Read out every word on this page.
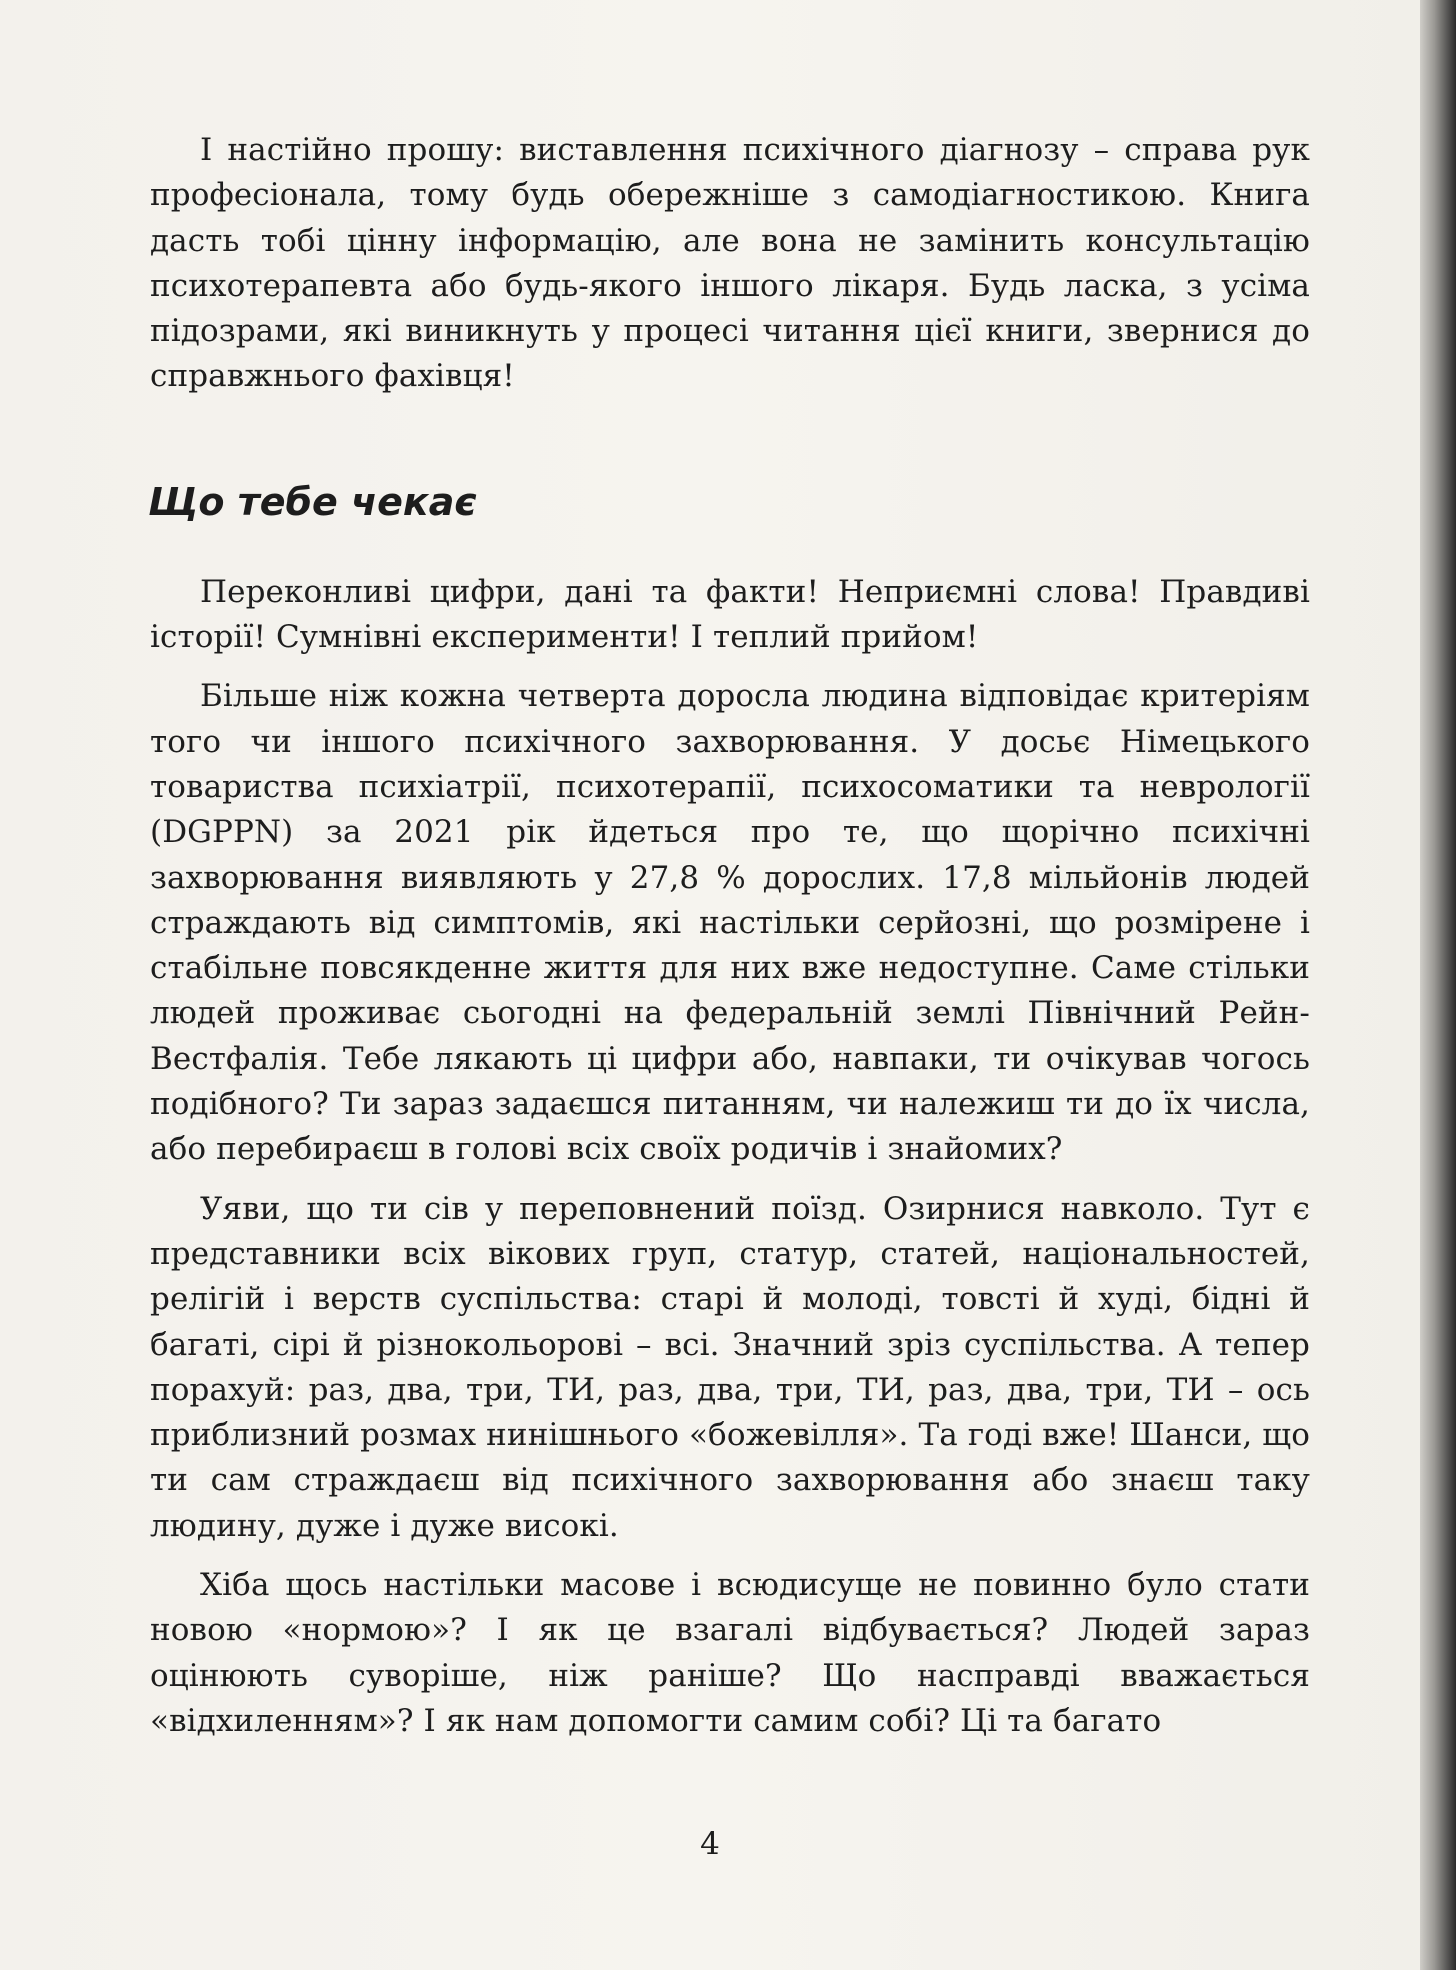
І настійно прошу: виставлення психічного діагнозу – справа рук професіонала, тому будь обережніше з самодіагностикою. Книга дасть тобі цінну інформацію, але вона не замінить консультацію психотерапевта або будь-якого іншого лікаря. Будь ласка, з усіма підозрами, які виникнуть у процесі читання цієї книги, звернися до справжнього фахівця!

Що тебе чекає

Переконливі цифри, дані та факти! Неприємні слова! Правдиві історії! Сумнівні експерименти! І теплий прийом!

Більше ніж кожна четверта доросла людина відповідає критеріям того чи іншого психічного захворювання. У досьє Німецького товариства психіатрії, психотерапії, психосоматики та неврології (DGPPN) за 2021 рік йдеться про те, що щорічно психічні захворювання виявляють у 27,8 % дорослих. 17,8 мільйонів людей страждають від симптомів, які настільки серйозні, що розмірене і стабільне повсякденне життя для них вже недоступне. Саме стільки людей проживає сьогодні на федеральній землі Північний Рейн-Вестфалія. Тебе лякають ці цифри або, навпаки, ти очікував чогось подібного? Ти зараз задаєшся питанням, чи належиш ти до їх числа, або перебираєш в голові всіх своїх родичів і знайомих?

Уяви, що ти сів у переповнений поїзд. Озирнися навколо. Тут є представники всіх вікових груп, статур, статей, національностей, релігій і верств суспільства: старі й молоді, товсті й худі, бідні й багаті, сірі й різнокольорові – всі. Значний зріз суспільства. А тепер порахуй: раз, два, три, ТИ, раз, два, три, ТИ, раз, два, три, ТИ – ось приблизний розмах нинішнього «божевілля». Та годі вже! Шанси, що ти сам страждаєш від психічного захворювання або знаєш таку людину, дуже і дуже високі.

Хіба щось настільки масове і всюдисуще не повинно було стати новою «нормою»? І як це взагалі відбувається? Людей зараз оцінюють суворіше, ніж раніше? Що насправді вважається «відхиленням»? І як нам допомогти самим собі? Ці та багато

4
